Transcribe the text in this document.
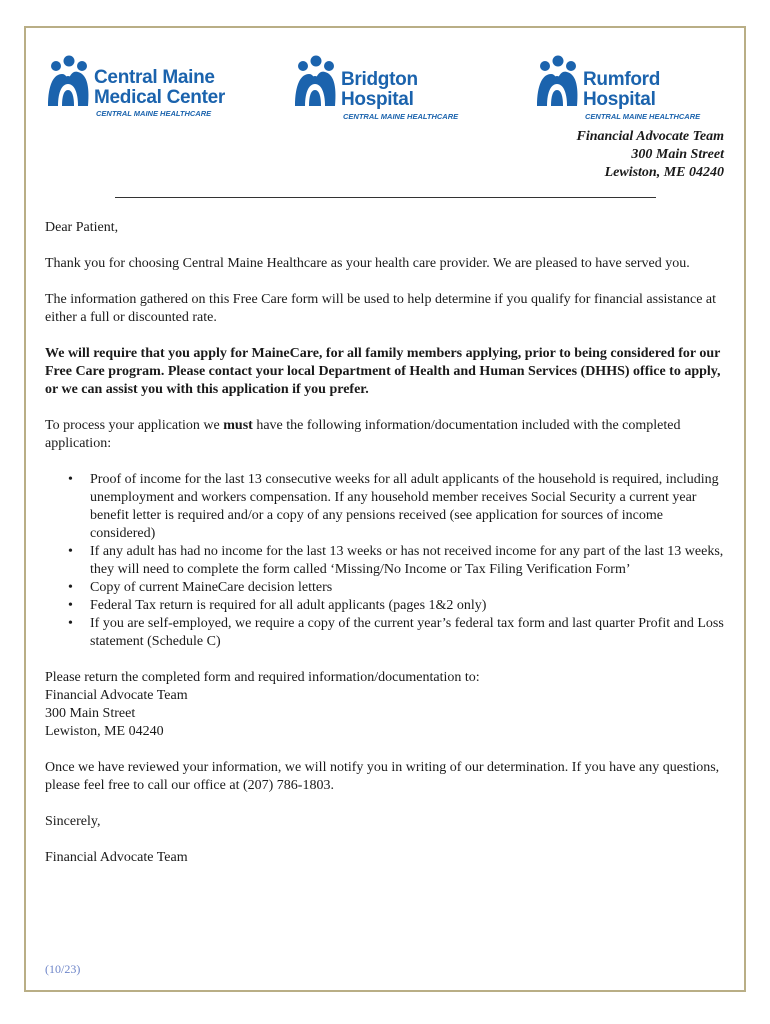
Central Maine
Medical Center
CENTRAL MAINE HEALTHCARE
Bridgton
Hospital
CENTRAL MAINE HEALTHCARE
Rumford
Hospital
CENTRAL MAINE HEALTHCARE
Financial Advocate Team
300 Main Street
Lewiston, ME 04240

Dear Patient,

Thank you for choosing Central Maine Healthcare as your health care provider. We are pleased to have served you.

The information gathered on this Free Care form will be used to help determine if you qualify for financial assistance at either a full or discounted rate.

We will require that you apply for MaineCare, for all family members applying, prior to being considered for our Free Care program. Please contact your local Department of Health and Human Services (DHHS) office to apply, or we can assist you with this application if you prefer.

To process your application we must have the following information/documentation included with the completed application:

• Proof of income for the last 13 consecutive weeks for all adult applicants of the household is required, including unemployment and workers compensation. If any household member receives Social Security a current year benefit letter is required and/or a copy of any pensions received (see application for sources of income considered)
• If any adult has had no income for the last 13 weeks or has not received income for any part of the last 13 weeks, they will need to complete the form called ‘Missing/No Income or Tax Filing Verification Form’
• Copy of current MaineCare decision letters
• Federal Tax return is required for all adult applicants (pages 1&2 only)
• If you are self-employed, we require a copy of the current year’s federal tax form and last quarter Profit and Loss statement (Schedule C)

Please return the completed form and required information/documentation to:
Financial Advocate Team
300 Main Street
Lewiston, ME 04240

Once we have reviewed your information, we will notify you in writing of our determination. If you have any questions, please feel free to call our office at (207) 786-1803.

Sincerely,

Financial Advocate Team

(10/23)
